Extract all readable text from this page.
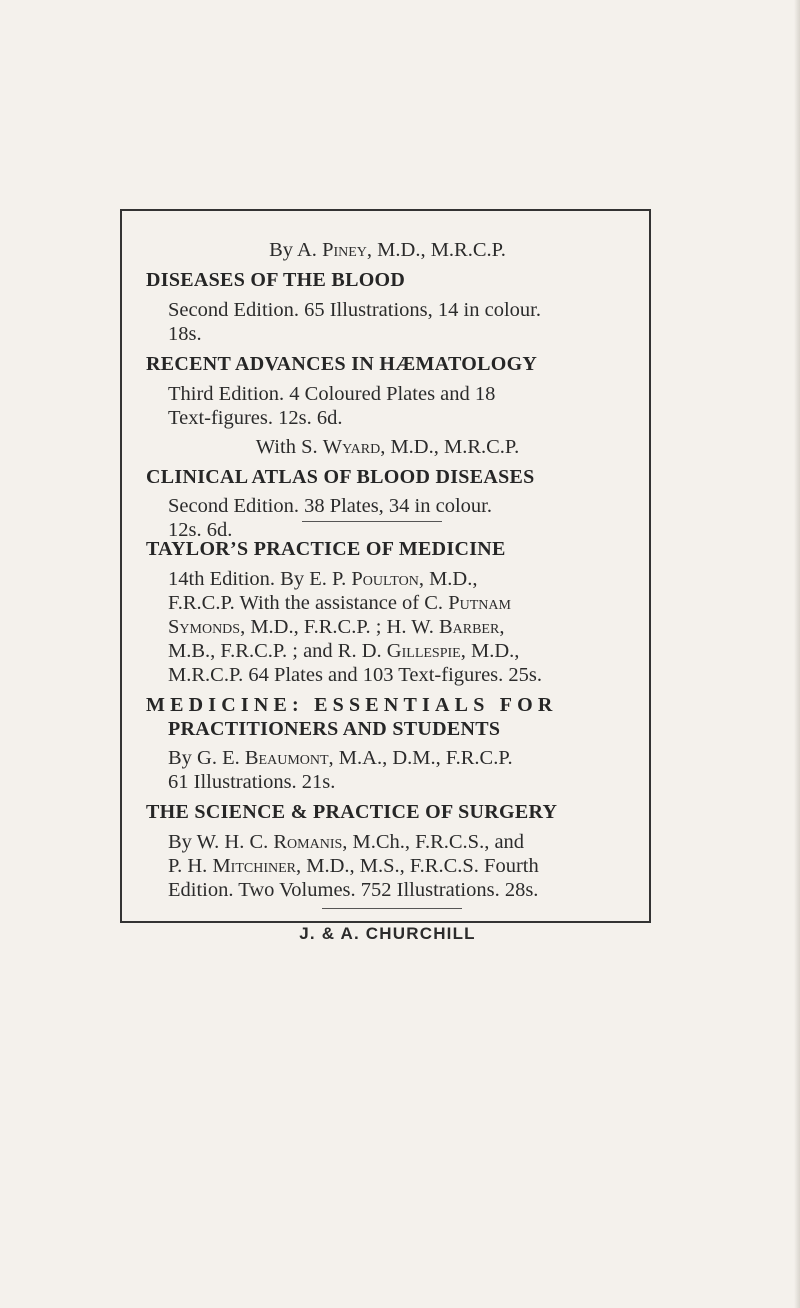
By A. Piney, M.D., M.R.C.P.
DISEASES OF THE BLOOD
Second Edition. 65 Illustrations, 14 in colour.
18s.
RECENT ADVANCES IN HÆMATOLOGY
Third Edition. 4 Coloured Plates and 18
Text-figures. 12s. 6d.
With S. Wyard, M.D., M.R.C.P.
CLINICAL ATLAS OF BLOOD DISEASES
Second Edition. 38 Plates, 34 in colour.
12s. 6d.
TAYLOR’S PRACTICE OF MEDICINE
14th Edition. By E. P. Poulton, M.D.,
F.R.C.P. With the assistance of C. Putnam
Symonds, M.D., F.R.C.P. ; H. W. Barber,
M.B., F.R.C.P. ; and R. D. Gillespie, M.D.,
M.R.C.P. 64 Plates and 103 Text-figures. 25s.
MEDICINE: ESSENTIALS FOR
PRACTITIONERS AND STUDENTS
By G. E. Beaumont, M.A., D.M., F.R.C.P.
61 Illustrations. 21s.
THE SCIENCE & PRACTICE OF SURGERY
By W. H. C. Romanis, M.Ch., F.R.C.S., and
P. H. Mitchiner, M.D., M.S., F.R.C.S. Fourth
Edition. Two Volumes. 752 Illustrations. 28s.
J. & A. CHURCHILL
